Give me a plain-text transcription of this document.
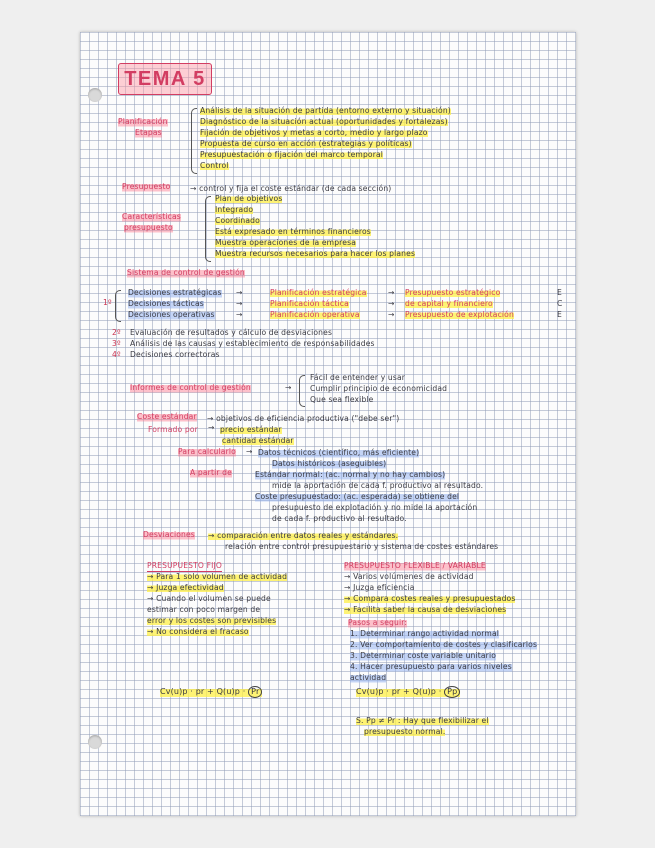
TEMA 5
Planificación
Etapas
Análisis de la situación de partida (entorno externo y situación)
Diagnóstico de la situación actual (oportunidades y fortalezas)
Fijación de objetivos y metas a corto, medio y largo plazo
Propuesta de curso en acción (estrategias y políticas)
Presupuestación o fijación del marco temporal
Control
Presupuesto	→ control y fija el coste estándar (de cada sección)
Características
presupuesto
Plan de objetivos
Integrado
Coordinado
Está expresado en términos financieros
Muestra operaciones de la empresa
Muestra recursos necesarios para hacer los planes
Sistema de control de gestión
1º
Decisiones estratégicas →	Planificación estratégica	→ Presupuesto estratégico	E
Decisiones tácticas	→	Planificación táctica	→ de capital y financiero	C
Decisiones operativas	→	Planificación operativa	→ Presupuesto de explotación	E
2º Evaluación de resultados y cálculo de desviaciones
3º Análisis de las causas y establecimiento de responsabilidades
4º Decisiones correctoras
Informes de control de gestión	→
Fácil de entender y usar
Cumplir principio de economicidad
Que sea flexible
Coste estándar → objetivos de eficiencia productiva ("debe ser")
Formado por → precio estándar
cantidad estándar
Para calcularlo → Datos técnicos (científico, más eficiente)
Datos históricos (aseguibles)
A partir de	Estándar normal: (ac. normal y no hay cambios)
mide la aportación de cada f. productivo al resultado.
Coste presupuestado: (ac. esperada) se obtiene del
presupuesto de explotación y no mide la aportación
de cada f. productivo al resultado.
Desviaciones → comparación entre datos reales y estándares.
relación entre control presupuestario y sistema de costes estándares
PRESUPUESTO FIJO
→ Para 1 solo volumen de actividad
→ Juzga efectividad
→ Cuando el volumen se puede
estimar con poco margen de
error y los costes son previsibles
→ No considera el fracaso
Cv(u)p · pr + Q(u)p · Pr
PRESUPUESTO FLEXIBLE / VARIABLE
→ Varios volúmenes de actividad
→ Juzga eficiencia
→ Compara costes reales y presupuestados
→ Facilita saber la causa de desviaciones
Pasos a seguir:
1. Determinar rango actividad normal
2. Ver comportamiento de costes y clasificarlos
3. Determinar coste variable unitario
4. Hacer presupuesto para varios niveles
actividad
Cv(u)p · pr + Q(u)p · Pp
S. Pp ≠ Pr : Hay que flexibilizar el
presupuesto normal.
